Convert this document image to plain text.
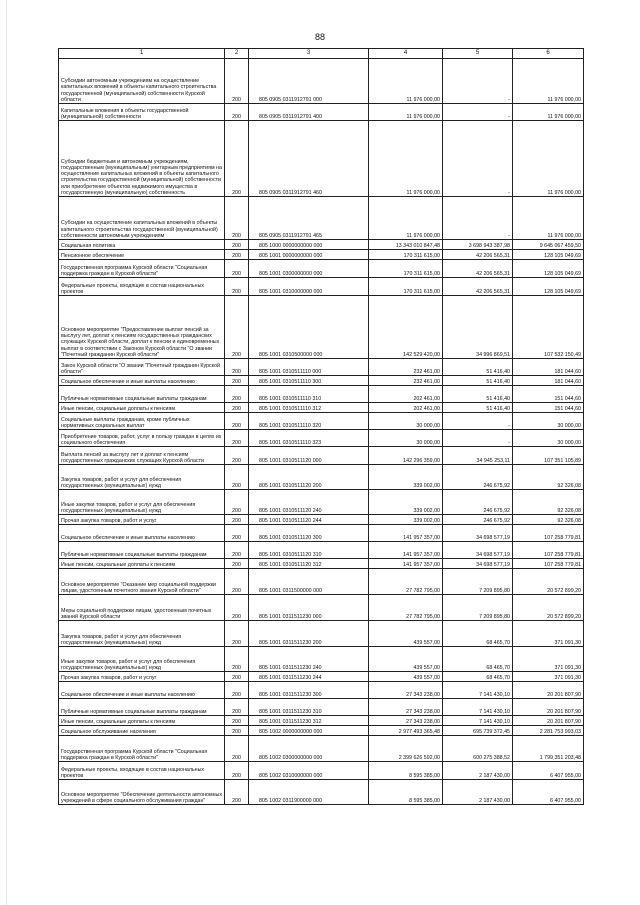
88
1	2	3	4	5	6
Субсидии автономным учреждениям на осуществление капитальных вложений в объекты капитального строительства государственной (муниципальной) собственности Курской области	200	805 0905 0311912791 000	11 976 000,00	-	11 976 000,00
Капитальные вложения в объекты государственной (муниципальной) собственности	200	805 0905 0311912791 400	11 976 000,00	-	11 976 000,00
Субсидии бюджетным и автономным учреждениям, государственным (муниципальным) унитарным предприятиям на осуществление капитальных вложений в объекты капитального строительства государственной (муниципальной) собственности или приобретение объектов недвижимого имущества в государственную (муниципальную) собственность	200	805 0905 0311912791 460	11 976 000,00	-	11 976 000,00
Субсидии на осуществление капитальных вложений в объекты капитального строительства государственной (муниципальной) собственности автономным учреждениям	200	805 0905 0311912791 465	11 976 000,00	-	11 976 000,00
Социальная политика	200	805 1000 0000000000 000	13 343 010 847,48	3 698 943 387,98	9 645 067 459,50
Пенсионное обеспечение	200	805 1001 0000000000 000	170 311 615,00	42 206 565,31	128 105 049,69
Государственная программа Курской области "Социальная поддержка граждан в Курской области"	200	805 1001 0300000000 000	170 311 615,00	42 206 565,31	128 105 049,69
Федеральные проекты, входящие в состав национальных проектов	200	805 1001 0310000000 000	170 311 615,00	42 206 565,31	128 105 049,69
Основное мероприятие "Предоставление выплат пенсий за выслугу лет, доплат к пенсиям государственных гражданских служащих Курской области, доплат к пенсии и единовременных выплат в соответствии с Законом Курской области "О звании "Почетный гражданин Курской области"	200	805 1001 0310500000 000	142 529 420,00	34 996 869,51	107 532 150,49
Закон Курской области "О звании "Почетный гражданин Курской области"	200	805 1001 0310511110 000	232 461,00	51 416,40	181 044,60
Социальное обеспечение и иные выплаты населению	200	805 1001 0310511110 300	232 461,00	51 416,40	181 044,60
Публичные нормативные социальные выплаты гражданам	200	805 1001 0310511110 310	202 461,00	51 416,40	151 044,60
Иные пенсии, социальные доплаты к пенсиям	200	805 1001 0310511110 312	202 461,00	51 416,40	151 044,60
Социальные выплаты гражданам, кроме публичных нормативных социальных выплат	200	805 1001 0310511110 320	30 000,00	-	30 000,00
Приобретение товаров, работ, услуг в пользу граждан в целях их социального обеспечения	200	805 1001 0310511110 323	30 000,00	-	30 000,00
Выплата пенсий за выслугу лет и доплат к пенсиям государственных гражданских служащих Курской области	200	805 1001 0310511120 000	142 296 359,00	34 945 253,11	107 351 105,89
Закупка товаров, работ и услуг для обеспечения государственных (муниципальных) нужд	200	805 1001 0310511120 200	339 002,00	246 675,92	92 326,08
Иные закупки товаров, работ и услуг для обеспечения государственных (муниципальных) нужд	200	805 1001 0310511120 240	339 002,00	246 675,92	92 326,08
Прочая закупка товаров, работ и услуг	200	805 1001 0310511120 244	339 002,00	246 675,92	92 326,08
Социальное обеспечение и иные выплаты населению	200	805 1001 0310511120 300	141 957 357,00	34 698 577,19	107 258 779,81
Публичные нормативные социальные выплаты гражданам	200	805 1001 0310511120 310	141 957 357,00	34 698 577,19	107 258 779,81
Иные пенсии, социальные доплаты к пенсиям	200	805 1001 0310511120 312	141 957 357,00	34 698 577,19	107 258 779,81
Основное мероприятие "Оказание мер социальной поддержки лицам, удостоенным почетного звания Курской области"	200	805 1001 0311500000 000	27 782 795,00	7 209 895,80	20 572 899,20
Меры социальной поддержки лицам, удостоенным почетных званий Курской области	200	805 1001 0311511230 000	27 782 795,00	7 209 895,80	20 572 899,20
Закупка товаров, работ и услуг для обеспечения государственных (муниципальных) нужд	200	805 1001 0311511230 200	439 557,00	68 465,70	371 091,30
Иные закупки товаров, работ и услуг для обеспечения государственных (муниципальных) нужд	200	805 1001 0311511230 240	439 557,00	68 465,70	371 091,30
Прочая закупка товаров, работ и услуг	200	805 1001 0311511230 244	439 557,00	68 465,70	371 091,30
Социальное обеспечение и иные выплаты населению	200	805 1001 0311511230 300	27 343 238,00	7 141 430,10	20 201 807,90
Публичные нормативные социальные выплаты гражданам	200	805 1001 0311511230 310	27 343 238,00	7 141 430,10	20 201 807,90
Иные пенсии, социальные доплаты к пенсиям	200	805 1001 0311511230 312	27 343 238,00	7 141 430,10	20 201 807,90
Социальное обслуживание населения	200	805 1002 0000000000 000	2 977 493 365,48	695 739 372,45	2 281 753 993,03
Государственная программа Курской области "Социальная поддержка граждан в Курской области"	200	805 1002 0300000000 000	2 399 626 592,00	600 275 388,52	1 799 351 203,48
Федеральные проекты, входящие в состав национальных проектов	200	805 1002 0310000000 000	8 595 385,00	2 187 430,00	6 407 955,00
Основное мероприятие "Обеспечение деятельности автономных учреждений в сфере социального обслуживания граждан"	200	805 1002 0311900000 000	8 595 385,00	2 187 430,00	6 407 955,00
